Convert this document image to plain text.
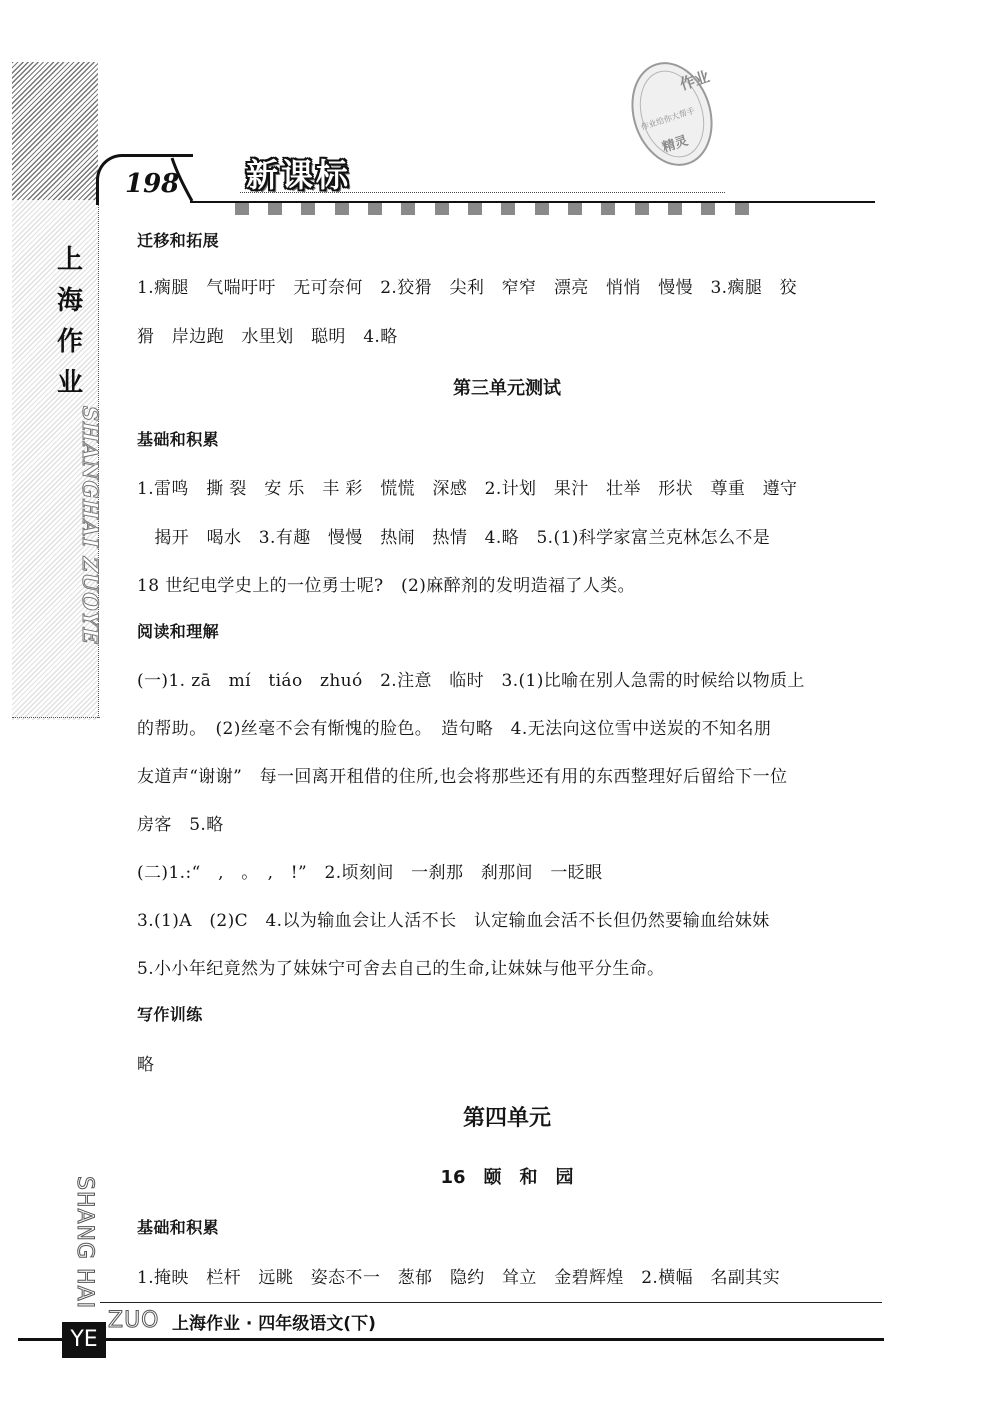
198 新课标
作业
作业给你大帮手
精灵
上
海
作
业
SHANGHAI ZUOYE
SHANG HAI
迁移和拓展
1.瘸腿　气喘吁吁　无可奈何　2.狡猾　尖利　窄窄　漂亮　悄悄　慢慢　3.瘸腿　狡
猾　岸边跑　水里划　聪明　4.略
第三单元测试
基础和积累
1.雷鸣　撕 裂　安 乐　丰 彩　慌慌　深感　2.计划　果汁　壮举　形状　尊重　遵守
　揭开　喝水　3.有趣　慢慢　热闹　热情　4.略　5.(1)科学家富兰克林怎么不是
18 世纪电学史上的一位勇士呢?　(2)麻醉剂的发明造福了人类。
阅读和理解
(一)1. zā　mí　tiáo　zhuó　2.注意　临时　3.(1)比喻在别人急需的时候给以物质上
的帮助。　(2)丝毫不会有惭愧的脸色。　造句略　4.无法向这位雪中送炭的不知名朋
友道声“谢谢”　每一回离开租借的住所,也会将那些还有用的东西整理好后留给下一位
房客　5.略
(二)1.:“　,　。　,　!”　2.顷刻间　一刹那　刹那间　一眨眼
3.(1)A　(2)C　4.以为输血会让人活不长　认定输血会活不长但仍然要输血给妹妹
5.小小年纪竟然为了妹妹宁可舍去自己的生命,让妹妹与他平分生命。
写作训练
略
第四单元
16　颐　和　园
基础和积累
1.掩映　栏杆　远眺　姿态不一　葱郁　隐约　耸立　金碧辉煌　2.横幅　名副其实
YE
ZUO 上海作业 · 四年级语文(下)
